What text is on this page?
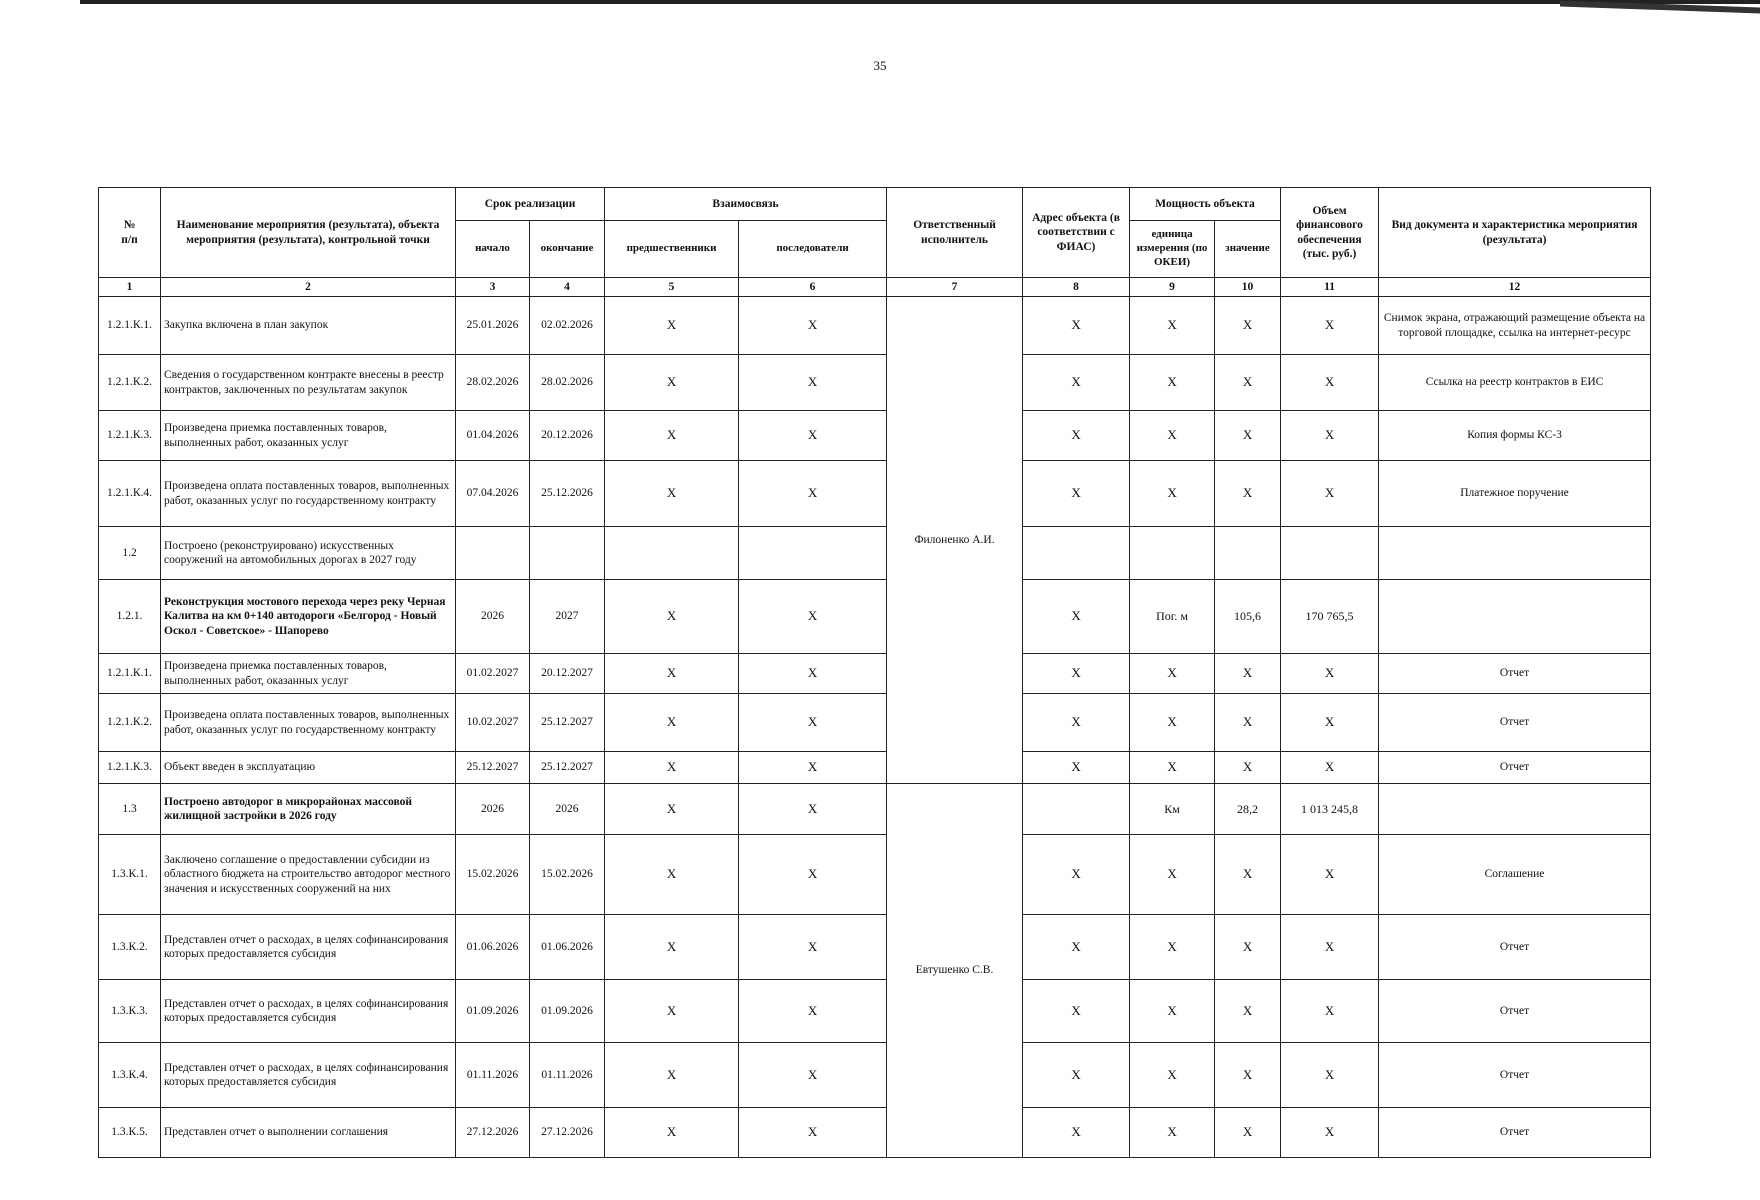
35
№
п/п	Наименование мероприятия (результата), объекта мероприятия (результата), контрольной точки	Срок реализации		Взаимосвязь		Ответственный исполнитель	Адрес объекта (в соответствии с ФИАС)	Мощность объекта		Объем финансового обеспечения (тыс. руб.)	Вид документа и характеристика мероприятия (результата)
		начало	окончание	предшественники	последователи			единица измерения (по ОКЕИ)	значение		
1	2	3	4	5	6	7	8	9	10	11	12
1.2.1.К.1.	Закупка включена в план закупок	25.01.2026	02.02.2026	X	X	Филоненко А.И.	X	X	X	X	Снимок экрана, отражающий размещение объекта на торговой площадке, ссылка на интернет-ресурс
1.2.1.К.2.	Сведения о государственном контракте внесены в реестр контрактов, заключенных по результатам закупок	28.02.2026	28.02.2026	X	X		X	X	X	X	Ссылка на реестр контрактов в ЕИС
1.2.1.К.3.	Произведена приемка поставленных товаров, выполненных работ, оказанных услуг	01.04.2026	20.12.2026	X	X		X	X	X	X	Копия формы КС-3
1.2.1.К.4.	Произведена оплата поставленных товаров, выполненных работ, оказанных услуг по государственному контракту	07.04.2026	25.12.2026	X	X		X	X	X	X	Платежное поручение
1.2	Построено (реконструировано) искусственных сооружений на автомобильных дорогах в 2027 году										
1.2.1.	Реконструкция мостового перехода через реку Черная Калитва на км 0+140 автодороги «Белгород - Новый Оскол - Советское» - Шапорево	2026	2027	X	X		X	Пог. м	105,6	170 765,5	
1.2.1.К.1.	Произведена приемка поставленных товаров, выполненных работ, оказанных услуг	01.02.2027	20.12.2027	X	X		X	X	X	X	Отчет
1.2.1.К.2.	Произведена оплата поставленных товаров, выполненных работ, оказанных услуг по государственному контракту	10.02.2027	25.12.2027	X	X		X	X	X	X	Отчет
1.2.1.К.3.	Объект введен в эксплуатацию	25.12.2027	25.12.2027	X	X		X	X	X	X	Отчет
1.3	Построено автодорог в микрорайонах массовой жилищной застройки в 2026 году	2026	2026	X	X	Евтушенко С.В.		Км	28,2	1 013 245,8	
1.3.К.1.	Заключено соглашение о предоставлении субсидии из областного бюджета на строительство автодорог местного значения и искусственных сооружений на них	15.02.2026	15.02.2026	X	X		X	X	X	X	Соглашение
1.3.К.2.	Представлен отчет о расходах, в целях софинансирования которых предоставляется субсидия	01.06.2026	01.06.2026	X	X		X	X	X	X	Отчет
1.3.К.3.	Представлен отчет о расходах, в целях софинансирования которых предоставляется субсидия	01.09.2026	01.09.2026	X	X		X	X	X	X	Отчет
1.3.К.4.	Представлен отчет о расходах, в целях софинансирования которых предоставляется субсидия	01.11.2026	01.11.2026	X	X		X	X	X	X	Отчет
1.3.К.5.	Представлен отчет о выполнении соглашения	27.12.2026	27.12.2026	X	X		X	X	X	X	Отчет
